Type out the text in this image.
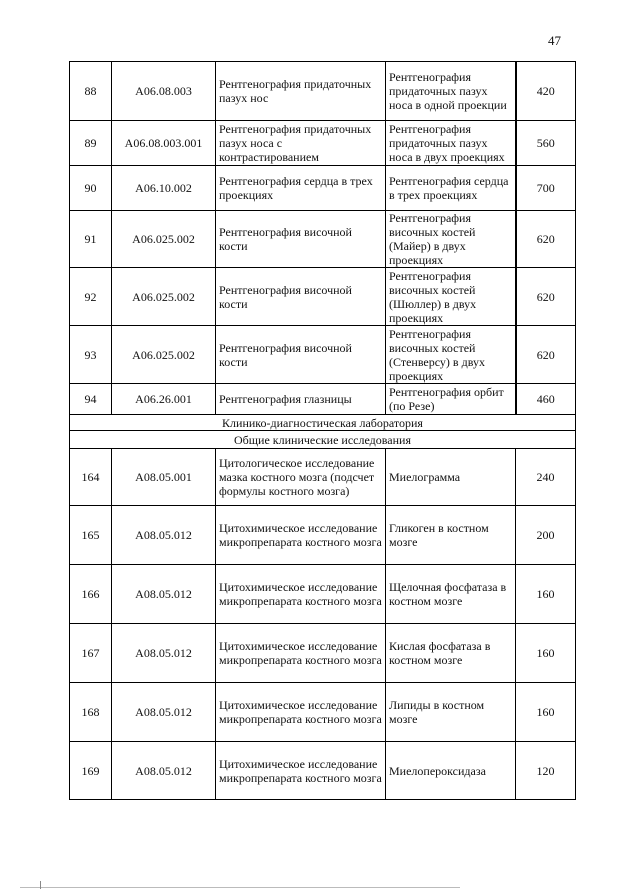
47
88	A06.08.003	Рентгенография придаточных пазух нос	Рентгенография придаточных пазух носа в одной проекции	420
89	A06.08.003.001	Рентгенография придаточных пазух носа с контрастированием	Рентгенография придаточных пазух носа в двух проекциях	560
90	A06.10.002	Рентгенография сердца в трех проекциях	Рентгенография сердца в трех проекциях	700
91	A06.025.002	Рентгенография височной кости	Рентгенография височных костей (Майер) в двух проекциях	620
92	A06.025.002	Рентгенография височной кости	Рентгенография височных костей (Шюллер) в двух проекциях	620
93	A06.025.002	Рентгенография височной кости	Рентгенография височных костей (Стенверсу) в двух проекциях	620
94	A06.26.001	Рентгенография глазницы	Рентгенография орбит (по Резе)	460
Клинико-диагностическая лаборатория				
Общие клинические исследования				
164	A08.05.001	Цитологическое исследование мазка костного мозга (подсчет формулы костного мозга)	Миелограмма	240
165	A08.05.012	Цитохимическое исследование микропрепарата костного мозга	Гликоген в костном мозге	200
166	A08.05.012	Цитохимическое исследование микропрепарата костного мозга	Щелочная фосфатаза в костном мозге	160
167	A08.05.012	Цитохимическое исследование микропрепарата костного мозга	Кислая фосфатаза в костном мозге	160
168	A08.05.012	Цитохимическое исследование микропрепарата костного мозга	Липиды в костном мозге	160
169	A08.05.012	Цитохимическое исследование микропрепарата костного мозга	Миелопероксидаза	120
